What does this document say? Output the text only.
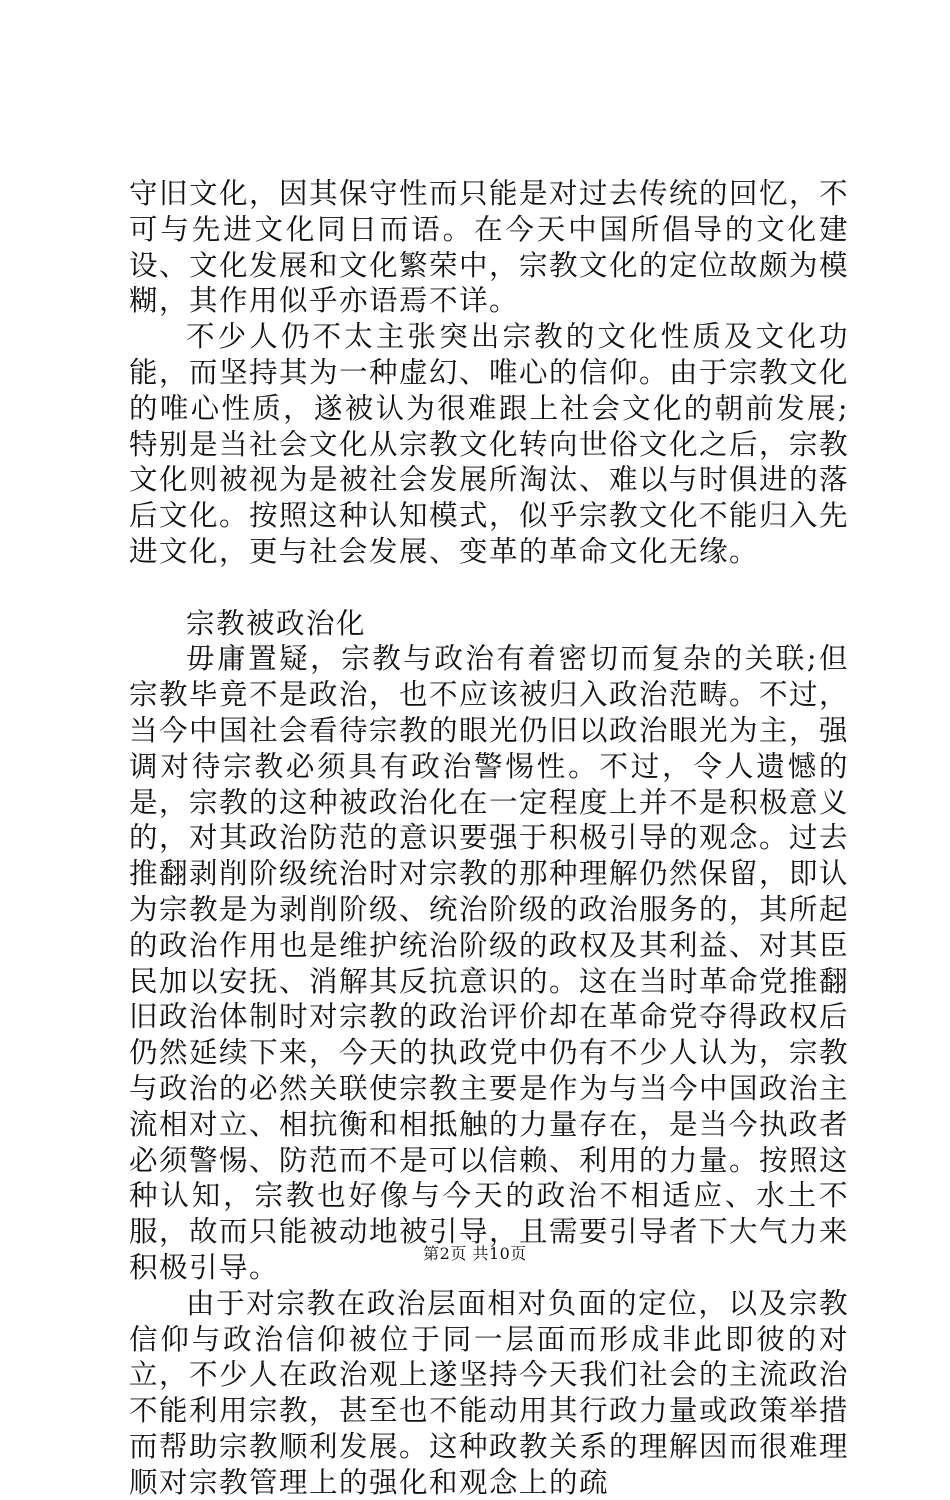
守旧文化，因其保守性而只能是对过去传统的回忆，不可与先进文化同日而语。在今天中国所倡导的文化建设、文化发展和文化繁荣中，宗教文化的定位故颇为模糊，其作用似乎亦语焉不详。

不少人仍不太主张突出宗教的文化性质及文化功能，而坚持其为一种虚幻、唯心的信仰。由于宗教文化的唯心性质，遂被认为很难跟上社会文化的朝前发展;特别是当社会文化从宗教文化转向世俗文化之后，宗教文化则被视为是被社会发展所淘汰、难以与时俱进的落后文化。按照这种认知模式，似乎宗教文化不能归入先进文化，更与社会发展、变革的革命文化无缘。

宗教被政治化

毋庸置疑，宗教与政治有着密切而复杂的关联;但宗教毕竟不是政治，也不应该被归入政治范畴。不过，当今中国社会看待宗教的眼光仍旧以政治眼光为主，强调对待宗教必须具有政治警惕性。不过，令人遗憾的是，宗教的这种被政治化在一定程度上并不是积极意义的，对其政治防范的意识要强于积极引导的观念。过去推翻剥削阶级统治时对宗教的那种理解仍然保留，即认为宗教是为剥削阶级、统治阶级的政治服务的，其所起的政治作用也是维护统治阶级的政权及其利益、对其臣民加以安抚、消解其反抗意识的。这在当时革命党推翻旧政治体制时对宗教的政治评价却在革命党夺得政权后仍然延续下来，今天的执政党中仍有不少人认为，宗教与政治的必然关联使宗教主要是作为与当今中国政治主流相对立、相抗衡和相抵触的力量存在，是当今执政者必须警惕、防范而不是可以信赖、利用的力量。按照这种认知，宗教也好像与今天的政治不相适应、水土不服，故而只能被动地被引导，且需要引导者下大气力来积极引导。

由于对宗教在政治层面相对负面的定位，以及宗教信仰与政治信仰被位于同一层面而形成非此即彼的对立，不少人在政治观上遂坚持今天我们社会的主流政治不能利用宗教，甚至也不能动用其行政力量或政策举措而帮助宗教顺利发展。这种政教关系的理解因而很难理顺对宗教管理上的强化和观念上的疏

第2页 共10页
